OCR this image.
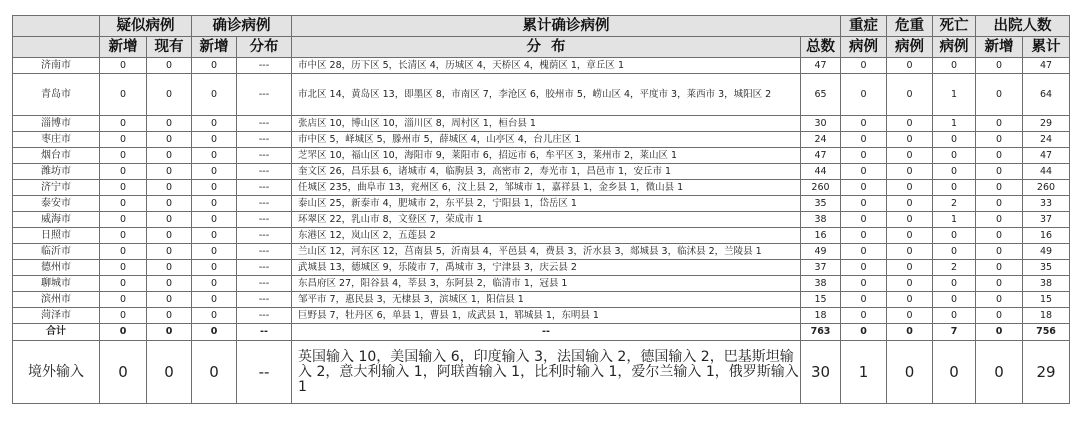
	疑似病例		确诊病例		累计确诊病例		重症	危重	死亡	出院人数	
	新增	现有	新增	分布	分  布	总数	病例	病例	病例	新增	累计
济南市	0	0	0	---	市中区 28，历下区 5，长清区 4，历城区 4，天桥区 4，槐荫区 1，章丘区 1	47	0	0	0	0	47
青岛市	0	0	0	---	市北区 14，黄岛区 13，即墨区 8，市南区 7，李沧区 6，胶州市 5，崂山区 4，平度市 3，莱西市 3，城阳区 2	65	0	0	1	0	64
淄博市	0	0	0	---	张店区 10，博山区 10，淄川区 8，周村区 1，桓台县 1	30	0	0	1	0	29
枣庄市	0	0	0	---	市中区 5，峄城区 5，滕州市 5，薛城区 4，山亭区 4，台儿庄区 1	24	0	0	0	0	24
烟台市	0	0	0	---	芝罘区 10，福山区 10，海阳市 9，莱阳市 6，招远市 6，牟平区 3，莱州市 2，莱山区 1	47	0	0	0	0	47
潍坊市	0	0	0	---	奎文区 26，昌乐县 6，诸城市 4，临朐县 3，高密市 2，寿光市 1，昌邑市 1，安丘市 1	44	0	0	0	0	44
济宁市	0	0	0	---	任城区 235，曲阜市 13，兖州区 6，汶上县 2，邹城市 1，嘉祥县 1，金乡县 1，微山县 1	260	0	0	0	0	260
泰安市	0	0	0	---	泰山区 25，新泰市 4，肥城市 2，东平县 2，宁阳县 1，岱岳区 1	35	0	0	2	0	33
威海市	0	0	0	---	环翠区 22，乳山市 8，文登区 7，荣成市 1	38	0	0	1	0	37
日照市	0	0	0	---	东港区 12，岚山区 2，五莲县 2	16	0	0	0	0	16
临沂市	0	0	0	---	兰山区 12，河东区 12，莒南县 5，沂南县 4，平邑县 4，费县 3，沂水县 3，郯城县 3，临沭县 2，兰陵县 1	49	0	0	0	0	49
德州市	0	0	0	---	武城县 13，德城区 9，乐陵市 7，禹城市 3，宁津县 3，庆云县 2	37	0	0	2	0	35
聊城市	0	0	0	---	东昌府区 27，阳谷县 4，莘县 3，东阿县 2，临清市 1，冠县 1	38	0	0	0	0	38
滨州市	0	0	0	---	邹平市 7，惠民县 3，无棣县 3，滨城区 1，阳信县 1	15	0	0	0	0	15
菏泽市	0	0	0	---	巨野县 7，牡丹区 6，单县 1，曹县 1，成武县 1，郓城县 1，东明县 1	18	0	0	0	0	18
合计	0	0	0	--	--	763	0	0	7	0	756
境外输入	0	0	0	--	英国输入 10，美国输入 6，印度输入 3，法国输入 2，德国输入 2，巴基斯坦输入 2，意大利输入 1，阿联酋输入 1，比利时输入 1，爱尔兰输入 1，俄罗斯输入 1	30	1	0	0	0	29
